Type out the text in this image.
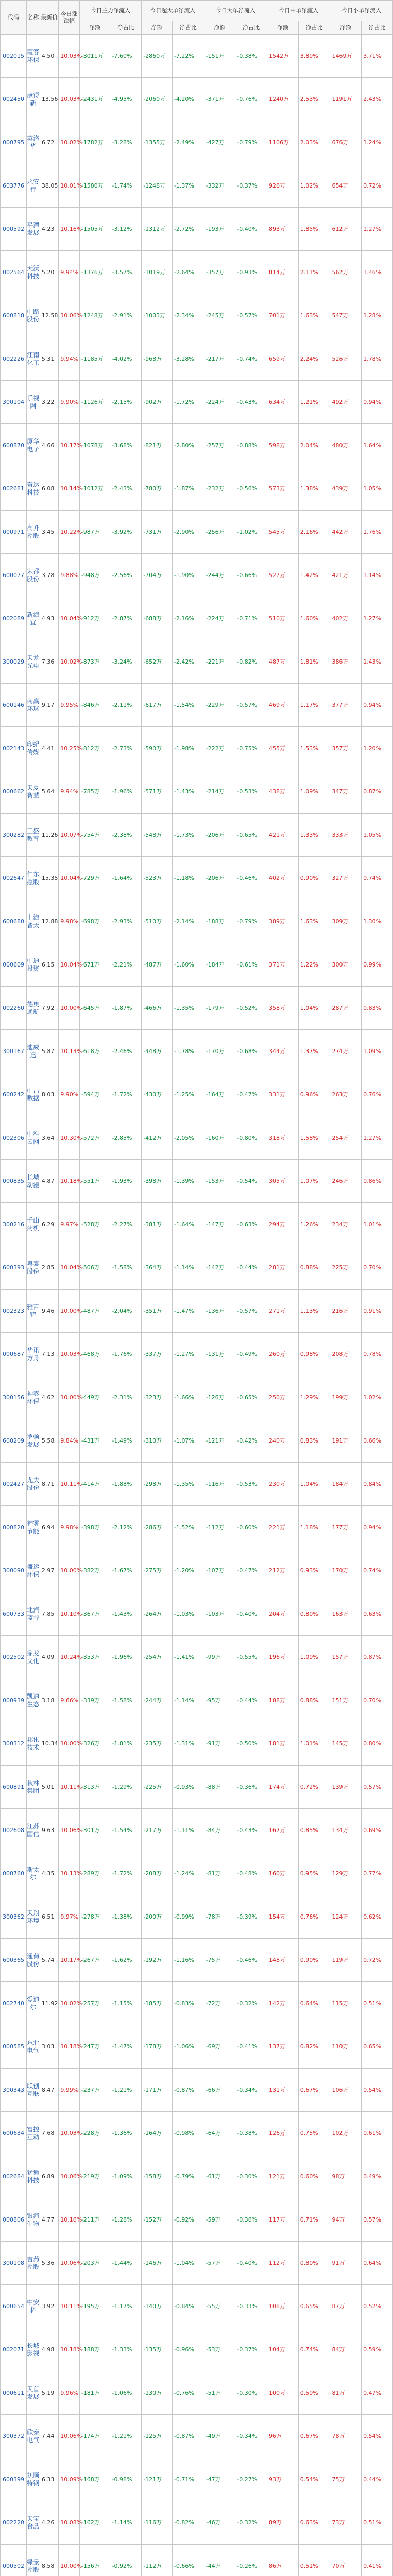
代码	名称	最新价	今日涨跌幅	今日主力净流入		今日超大单净流入		今日大单净流入		今日中单净流入		今日小单净流入	
				净额	净占比	净额	净占比	净额	净占比	净额	净占比	净额	净占比
002015	霞客环保	4.50	10.03%	-3011万	-7.60%	-2860万	-7.22%	-151万	-0.38%	1542万	3.89%	1469万	3.71%
002450	康得新	13.56	10.03%	-2431万	-4.95%	-2060万	-4.20%	-371万	-0.76%	1240万	2.53%	1191万	2.43%
000795	英洛华	6.72	10.02%	-1782万	-3.28%	-1355万	-2.49%	-427万	-0.79%	1106万	2.03%	676万	1.24%
603776	永安行	38.05	10.01%	-1580万	-1.74%	-1248万	-1.37%	-332万	-0.37%	926万	1.02%	654万	0.72%
000592	平潭发展	4.23	10.16%	-1505万	-3.12%	-1312万	-2.72%	-193万	-0.40%	893万	1.85%	612万	1.27%
002564	天沃科技	5.20	9.94%	-1376万	-3.57%	-1019万	-2.64%	-357万	-0.93%	814万	2.11%	562万	1.46%
600818	中路股份	12.58	10.06%	-1248万	-2.91%	-1003万	-2.34%	-245万	-0.57%	701万	1.63%	547万	1.28%
002226	江南化工	5.31	9.94%	-1185万	-4.02%	-968万	-3.28%	-217万	-0.74%	659万	2.24%	526万	1.78%
300104	乐视网	3.22	9.90%	-1126万	-2.15%	-902万	-1.72%	-224万	-0.43%	634万	1.21%	492万	0.94%
600870	厦华电子	4.66	10.17%	-1078万	-3.68%	-821万	-2.80%	-257万	-0.88%	598万	2.04%	480万	1.64%
002681	奋达科技	6.08	10.14%	-1012万	-2.43%	-780万	-1.87%	-232万	-0.56%	573万	1.38%	439万	1.05%
000971	高升控股	3.45	10.22%	-987万	-3.92%	-731万	-2.90%	-256万	-1.02%	545万	2.16%	442万	1.76%
600077	宋都股份	3.78	9.88%	-948万	-2.56%	-704万	-1.90%	-244万	-0.66%	527万	1.42%	421万	1.14%
002089	新海宜	4.93	10.04%	-912万	-2.87%	-688万	-2.16%	-224万	-0.71%	510万	1.60%	402万	1.27%
300029	天龙光电	7.36	10.02%	-873万	-3.24%	-652万	-2.42%	-221万	-0.82%	487万	1.81%	386万	1.43%
600146	商赢环球	9.17	9.95%	-846万	-2.11%	-617万	-1.54%	-229万	-0.57%	469万	1.17%	377万	0.94%
002143	印纪传媒	4.41	10.25%	-812万	-2.73%	-590万	-1.98%	-222万	-0.75%	455万	1.53%	357万	1.20%
000662	天夏智慧	5.64	9.94%	-785万	-1.96%	-571万	-1.43%	-214万	-0.53%	438万	1.09%	347万	0.87%
300282	三盛教育	11.26	10.07%	-754万	-2.38%	-548万	-1.73%	-206万	-0.65%	421万	1.33%	333万	1.05%
002647	仁东控股	15.35	10.04%	-729万	-1.64%	-523万	-1.18%	-206万	-0.46%	402万	0.90%	327万	0.74%
600680	上海普天	12.88	9.98%	-698万	-2.93%	-510万	-2.14%	-188万	-0.79%	389万	1.63%	309万	1.30%
000609	中迪投资	6.15	10.04%	-671万	-2.21%	-487万	-1.60%	-184万	-0.61%	371万	1.22%	300万	0.99%
002260	德奥通航	7.92	10.00%	-645万	-1.87%	-466万	-1.35%	-179万	-0.52%	358万	1.04%	287万	0.83%
300167	迪威迅	5.87	10.13%	-618万	-2.46%	-448万	-1.78%	-170万	-0.68%	344万	1.37%	274万	1.09%
600242	中昌数据	8.03	9.90%	-594万	-1.72%	-430万	-1.25%	-164万	-0.47%	331万	0.96%	263万	0.76%
002306	中科云网	3.64	10.30%	-572万	-2.85%	-412万	-2.05%	-160万	-0.80%	318万	1.58%	254万	1.27%
000835	长城动漫	4.87	10.18%	-551万	-1.93%	-398万	-1.39%	-153万	-0.54%	305万	1.07%	246万	0.86%
300216	千山药机	6.29	9.97%	-528万	-2.27%	-381万	-1.64%	-147万	-0.63%	294万	1.26%	234万	1.01%
600393	粤泰股份	2.85	10.04%	-506万	-1.58%	-364万	-1.14%	-142万	-0.44%	281万	0.88%	225万	0.70%
002323	雅百特	9.46	10.00%	-487万	-2.04%	-351万	-1.47%	-136万	-0.57%	271万	1.13%	216万	0.91%
000687	华讯方舟	7.13	10.03%	-468万	-1.76%	-337万	-1.27%	-131万	-0.49%	260万	0.98%	208万	0.78%
300156	神雾环保	4.62	10.00%	-449万	-2.31%	-323万	-1.66%	-126万	-0.65%	250万	1.29%	199万	1.02%
600209	罗顿发展	5.58	9.84%	-431万	-1.49%	-310万	-1.07%	-121万	-0.42%	240万	0.83%	191万	0.66%
002427	尤夫股份	8.71	10.11%	-414万	-1.88%	-298万	-1.35%	-116万	-0.53%	230万	1.04%	184万	0.84%
000820	神雾节能	6.94	9.98%	-398万	-2.12%	-286万	-1.52%	-112万	-0.60%	221万	1.18%	177万	0.94%
300090	盛运环保	2.97	10.00%	-382万	-1.67%	-275万	-1.20%	-107万	-0.47%	212万	0.93%	170万	0.74%
600733	北汽蓝谷	7.85	10.10%	-367万	-1.43%	-264万	-1.03%	-103万	-0.40%	204万	0.80%	163万	0.63%
002502	鼎龙文化	4.09	10.24%	-353万	-1.96%	-254万	-1.41%	-99万	-0.55%	196万	1.09%	157万	0.87%
000939	凯迪生态	3.18	9.66%	-339万	-1.58%	-244万	-1.14%	-95万	-0.44%	188万	0.88%	151万	0.70%
300312	邦讯技术	10.34	10.00%	-326万	-1.81%	-235万	-1.31%	-91万	-0.50%	181万	1.01%	145万	0.80%
600891	秋林集团	5.01	10.11%	-313万	-1.29%	-225万	-0.93%	-88万	-0.36%	174万	0.72%	139万	0.57%
002608	江苏国信	9.63	10.06%	-301万	-1.54%	-217万	-1.11%	-84万	-0.43%	167万	0.85%	134万	0.69%
000760	斯太尔	4.35	10.13%	-289万	-1.72%	-208万	-1.24%	-81万	-0.48%	160万	0.95%	129万	0.77%
300362	天翔环境	6.51	9.97%	-278万	-1.38%	-200万	-0.99%	-78万	-0.39%	154万	0.76%	124万	0.62%
600365	通葡股份	5.74	10.17%	-267万	-1.62%	-192万	-1.16%	-75万	-0.46%	148万	0.90%	119万	0.72%
002740	爱迪尔	11.92	10.02%	-257万	-1.15%	-185万	-0.83%	-72万	-0.32%	142万	0.64%	115万	0.51%
000585	东北电气	3.03	10.18%	-247万	-1.47%	-178万	-1.06%	-69万	-0.41%	137万	0.82%	110万	0.65%
300343	联创互联	8.47	9.99%	-237万	-1.21%	-171万	-0.87%	-66万	-0.34%	131万	0.67%	106万	0.54%
600634	富控互动	7.68	10.03%	-228万	-1.36%	-164万	-0.98%	-64万	-0.38%	126万	0.75%	102万	0.61%
002684	猛狮科技	6.89	10.06%	-219万	-1.09%	-158万	-0.79%	-61万	-0.30%	121万	0.60%	98万	0.49%
000806	银河生物	4.77	10.16%	-211万	-1.28%	-152万	-0.92%	-59万	-0.36%	117万	0.71%	94万	0.57%
300108	吉药控股	5.36	10.06%	-203万	-1.44%	-146万	-1.04%	-57万	-0.40%	112万	0.80%	91万	0.64%
600654	中安科	3.92	10.11%	-195万	-1.17%	-140万	-0.84%	-55万	-0.33%	108万	0.65%	87万	0.52%
002071	长城影视	4.98	10.18%	-188万	-1.33%	-135万	-0.96%	-53万	-0.37%	104万	0.74%	84万	0.59%
000611	天首发展	5.19	9.96%	-181万	-1.06%	-130万	-0.76%	-51万	-0.30%	100万	0.59%	81万	0.47%
300372	欣泰电气	7.44	10.06%	-174万	-1.21%	-125万	-0.87%	-49万	-0.34%	96万	0.67%	78万	0.54%
600399	抚顺特钢	6.33	10.09%	-168万	-0.98%	-121万	-0.71%	-47万	-0.27%	93万	0.54%	75万	0.44%
002220	天宝食品	4.26	10.08%	-162万	-1.14%	-116万	-0.82%	-46万	-0.32%	89万	0.63%	73万	0.51%
000502	绿景控股	8.58	10.00%	-156万	-0.92%	-112万	-0.66%	-44万	-0.26%	86万	0.51%	70万	0.41%
